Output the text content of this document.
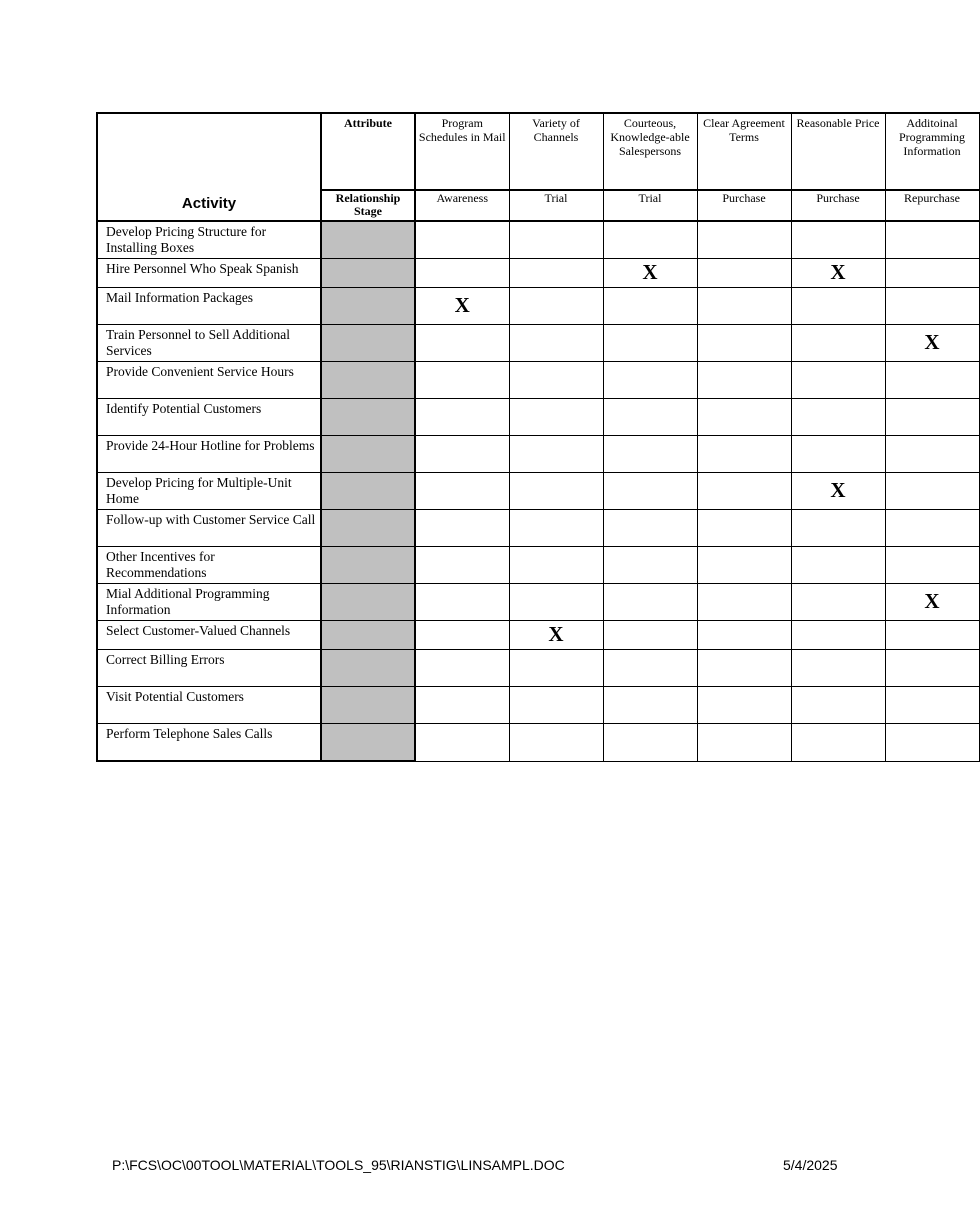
Activity	Attribute	Program Schedules in Mail	Variety of Channels	Courteous, Knowledge-able Salespersons	Clear Agreement Terms	Reasonable Price	Additoinal Programming Information
	Relationship Stage	Awareness	Trial	Trial	Purchase	Purchase	Repurchase
Develop Pricing Structure for Installing Boxes							
Hire Personnel Who Speak Spanish				X		X	
Mail Information Packages		X					
Train Personnel to Sell Additional Services							X
Provide Convenient Service Hours							
Identify Potential Customers							
Provide 24-Hour Hotline for Problems							
Develop Pricing for Multiple-Unit Home						X	
Follow-up with Customer Service Call							
Other Incentives for Recommendations							
Mial Additional Programming Information							X
Select Customer-Valued Channels			X				
Correct Billing Errors							
Visit Potential Customers							
Perform Telephone Sales Calls							
P:\FCS\OC\00TOOL\MATERIAL\TOOLS_95\RIANSTIG\LINSAMPL.DOC	5/4/2025
